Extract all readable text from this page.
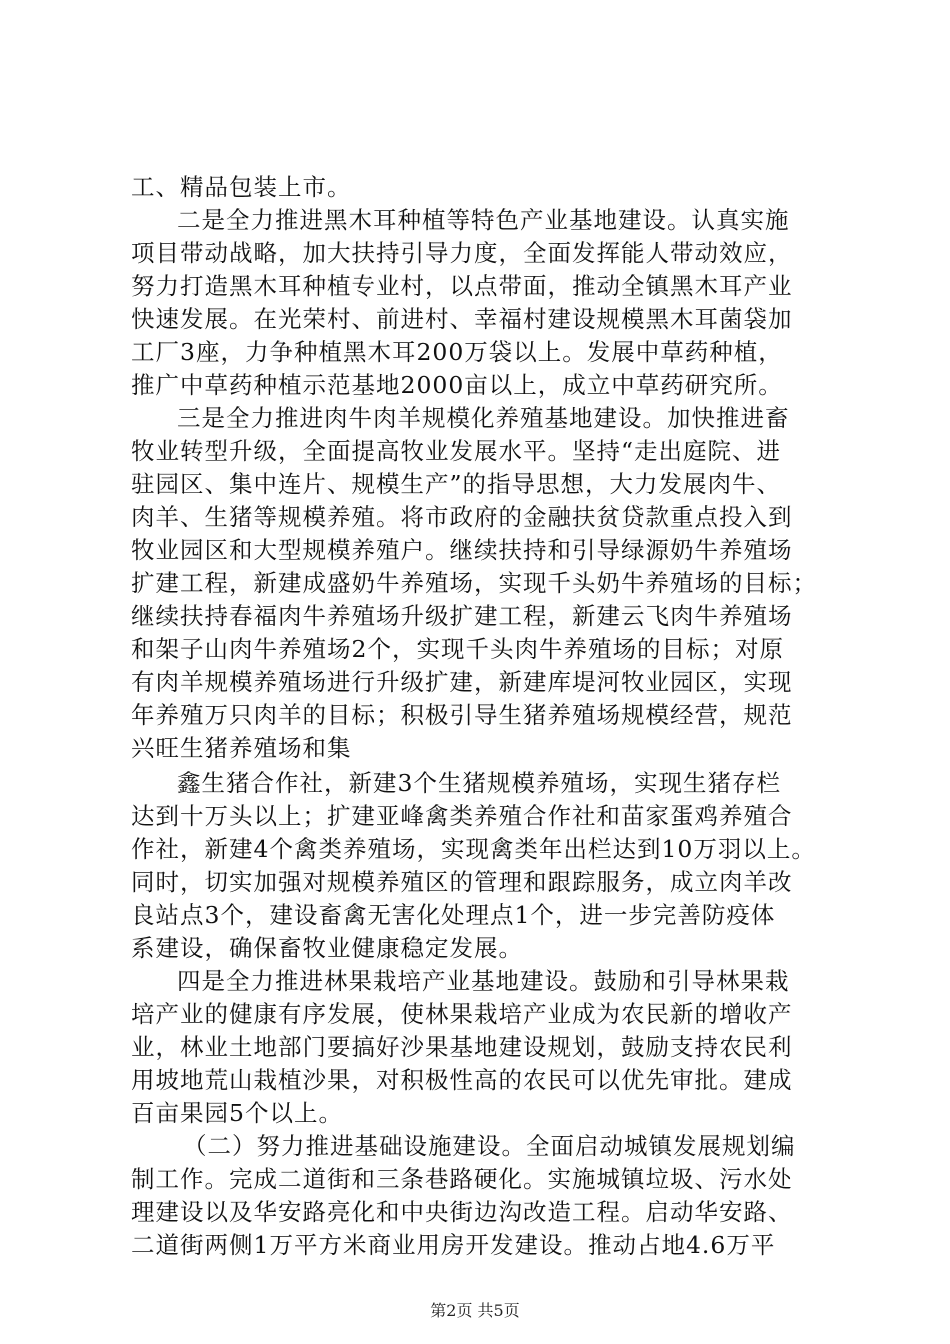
工、精品包装上市。
二是全力推进黑木耳种植等特色产业基地建设。认真实施
项目带动战略，加大扶持引导力度，全面发挥能人带动效应，
努力打造黑木耳种植专业村，以点带面，推动全镇黑木耳产业
快速发展。在光荣村、前进村、幸福村建设规模黑木耳菌袋加
工厂3座，力争种植黑木耳200万袋以上。发展中草药种植，
推广中草药种植示范基地2000亩以上，成立中草药研究所。
三是全力推进肉牛肉羊规模化养殖基地建设。加快推进畜
牧业转型升级，全面提高牧业发展水平。坚持“走出庭院、进
驻园区、集中连片、规模生产”的指导思想，大力发展肉牛、
肉羊、生猪等规模养殖。将市政府的金融扶贫贷款重点投入到
牧业园区和大型规模养殖户。继续扶持和引导绿源奶牛养殖场
扩建工程，新建成盛奶牛养殖场，实现千头奶牛养殖场的目标；
继续扶持春福肉牛养殖场升级扩建工程，新建云飞肉牛养殖场
和架子山肉牛养殖场2个，实现千头肉牛养殖场的目标；对原
有肉羊规模养殖场进行升级扩建，新建库堤河牧业园区，实现
年养殖万只肉羊的目标；积极引导生猪养殖场规模经营，规范
兴旺生猪养殖场和集
鑫生猪合作社，新建3个生猪规模养殖场，实现生猪存栏
达到十万头以上；扩建亚峰禽类养殖合作社和苗家蛋鸡养殖合
作社，新建4个禽类养殖场，实现禽类年出栏达到10万羽以上。
同时，切实加强对规模养殖区的管理和跟踪服务，成立肉羊改
良站点3个，建设畜禽无害化处理点1个，进一步完善防疫体
系建设，确保畜牧业健康稳定发展。
四是全力推进林果栽培产业基地建设。鼓励和引导林果栽
培产业的健康有序发展，使林果栽培产业成为农民新的增收产
业，林业土地部门要搞好沙果基地建设规划，鼓励支持农民利
用坡地荒山栽植沙果，对积极性高的农民可以优先审批。建成
百亩果园5个以上。
（二）努力推进基础设施建设。全面启动城镇发展规划编
制工作。完成二道街和三条巷路硬化。实施城镇垃圾、污水处
理建设以及华安路亮化和中央街边沟改造工程。启动华安路、
二道街两侧1万平方米商业用房开发建设。推动占地4.6万平
第2页 共5页
